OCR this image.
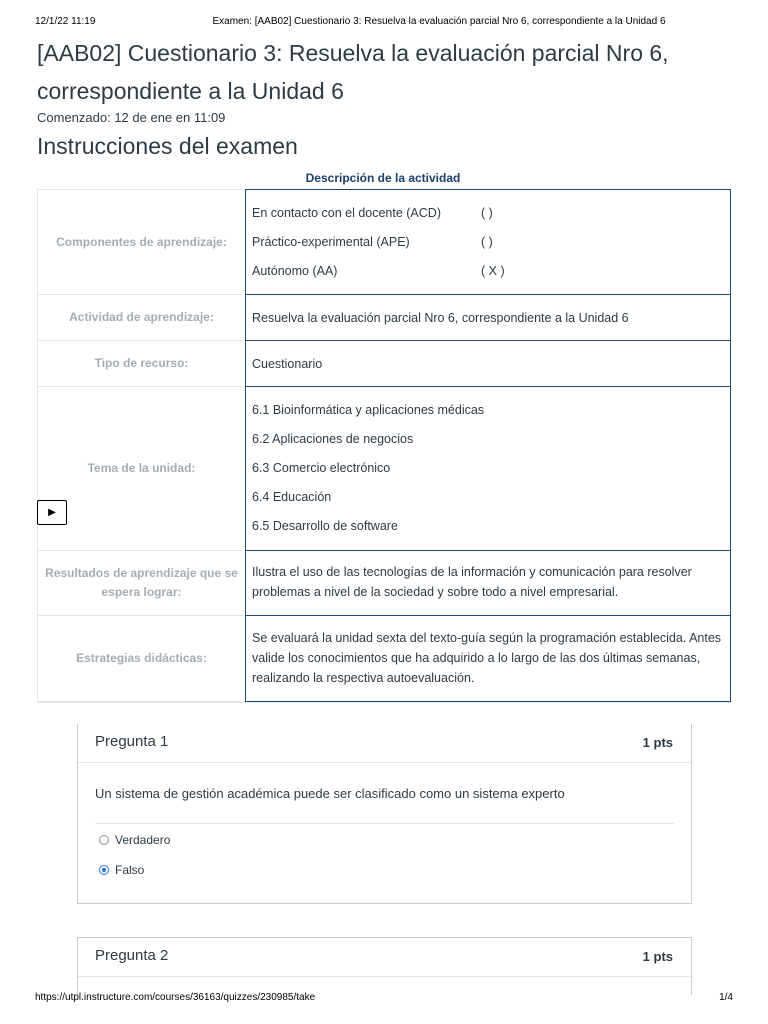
12/1/22 11:19	Examen: [AAB02] Cuestionario 3: Resuelva la evaluación parcial Nro 6, correspondiente a la Unidad 6
[AAB02] Cuestionario 3: Resuelva la evaluación parcial Nro 6, correspondiente a la Unidad 6
Comenzado: 12 de ene en 11:09
Instrucciones del examen
Descripción de la actividad
Componentes de aprendizaje:
En contacto con el docente (ACD)	( )
Práctico-experimental (APE)	( )
Autónomo (AA)	( X )
Actividad de aprendizaje:	Resuelva la evaluación parcial Nro 6, correspondiente a la Unidad 6
Tipo de recurso:	Cuestionario
Tema de la unidad:
▶
6.1 Bioinformática y aplicaciones médicas
6.2 Aplicaciones de negocios
6.3 Comercio electrónico
6.4 Educación
6.5 Desarrollo de software
Resultados de aprendizaje que se espera lograr:
Ilustra el uso de las tecnologías de la información y comunicación para resolver problemas a nivel de la sociedad y sobre todo a nivel empresarial.
Estrategias didácticas:
Se evaluará la unidad sexta del texto-guía según la programación establecida. Antes valide los conocimientos que ha adquirido a lo largo de las dos últimas semanas, realizando la respectiva autoevaluación.
Pregunta 1	1 pts
Un sistema de gestión académica puede ser clasificado como un sistema experto
Verdadero
Falso
Pregunta 2	1 pts
https://utpl.instructure.com/courses/36163/quizzes/230985/take	1/4
